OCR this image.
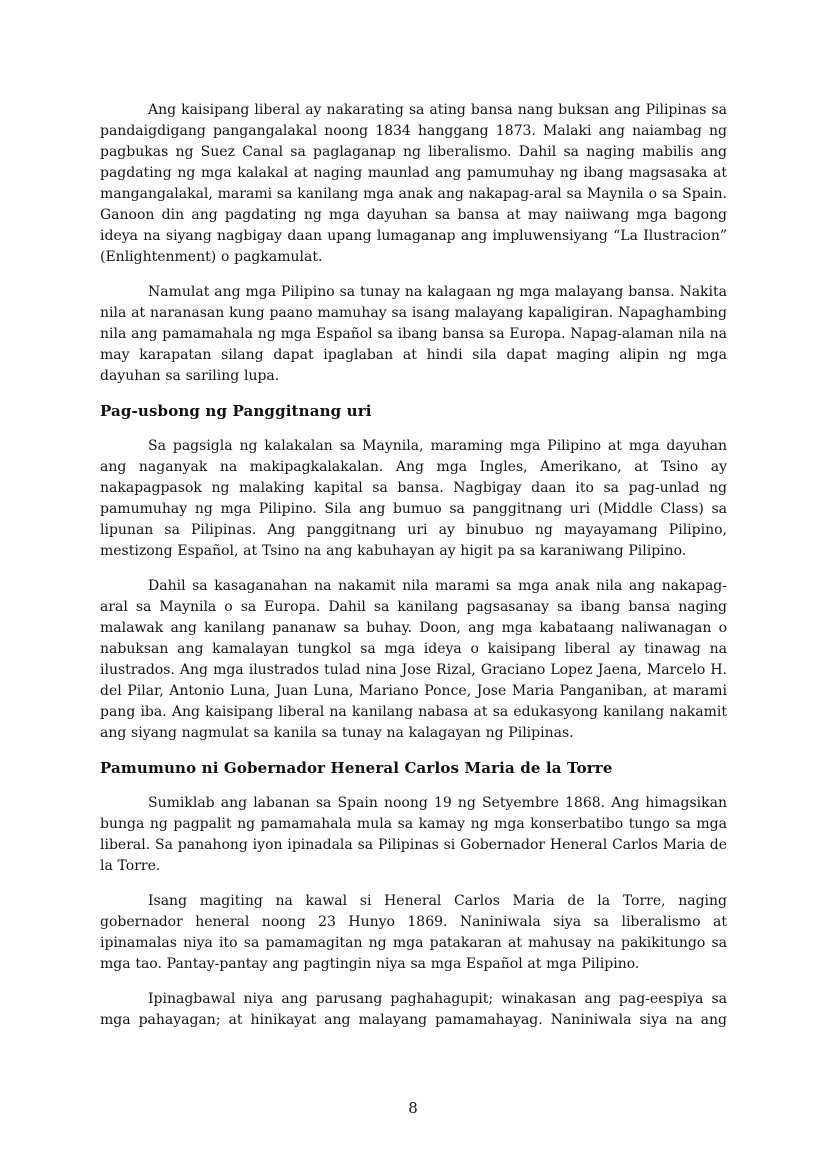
Ang kaisipang liberal ay nakarating sa ating bansa nang buksan ang Pilipinas sa pandaigdigang pangangalakal noong 1834 hanggang 1873. Malaki ang naiambag ng pagbukas ng Suez Canal sa paglaganap ng liberalismo. Dahil sa naging mabilis ang pagdating ng mga kalakal at naging maunlad ang pamumuhay ng ibang magsasaka at mangangalakal, marami sa kanilang mga anak ang nakapag-aral sa Maynila o sa Spain. Ganoon din ang pagdating ng mga dayuhan sa bansa at may naiiwang mga bagong ideya na siyang nagbigay daan upang lumaganap ang impluwensiyang “La Ilustracion” (Enlightenment) o pagkamulat.

Namulat ang mga Pilipino sa tunay na kalagaan ng mga malayang bansa. Nakita nila at naranasan kung paano mamuhay sa isang malayang kapaligiran. Napaghambing nila ang pamamahala ng mga Español sa ibang bansa sa Europa. Napag-alaman nila na may karapatan silang dapat ipaglaban at hindi sila dapat maging alipin ng mga dayuhan sa sariling lupa.

Pag-usbong ng Panggitnang uri

Sa pagsigla ng kalakalan sa Maynila, maraming mga Pilipino at mga dayuhan ang naganyak na makipagkalakalan. Ang mga Ingles, Amerikano, at Tsino ay nakapagpasok ng malaking kapital sa bansa. Nagbigay daan ito sa pag-unlad ng pamumuhay ng mga Pilipino. Sila ang bumuo sa panggitnang uri (Middle Class) sa lipunan sa Pilipinas. Ang panggitnang uri ay binubuo ng mayayamang Pilipino, mestizong Español, at Tsino na ang kabuhayan ay higit pa sa karaniwang Pilipino.

Dahil sa kasaganahan na nakamit nila marami sa mga anak nila ang nakapag-aral sa Maynila o sa Europa. Dahil sa kanilang pagsasanay sa ibang bansa naging malawak ang kanilang pananaw sa buhay. Doon, ang mga kabataang naliwanagan o nabuksan ang kamalayan tungkol sa mga ideya o kaisipang liberal ay tinawag na ilustrados. Ang mga ilustrados tulad nina Jose Rizal, Graciano Lopez Jaena, Marcelo H. del Pilar, Antonio Luna, Juan Luna, Mariano Ponce, Jose Maria Panganiban, at marami pang iba. Ang kaisipang liberal na kanilang nabasa at sa edukasyong kanilang nakamit ang siyang nagmulat sa kanila sa tunay na kalagayan ng Pilipinas.

Pamumuno ni Gobernador Heneral Carlos Maria de la Torre

Sumiklab ang labanan sa Spain noong 19 ng Setyembre 1868. Ang himagsikan bunga ng pagpalit ng pamamahala mula sa kamay ng mga konserbatibo tungo sa mga liberal. Sa panahong iyon ipinadala sa Pilipinas si Gobernador Heneral Carlos Maria de la Torre.

Isang magiting na kawal si Heneral Carlos Maria de la Torre, naging gobernador heneral noong 23 Hunyo 1869. Naniniwala siya sa liberalismo at ipinamalas niya ito sa pamamagitan ng mga patakaran at mahusay na pakikitungo sa mga tao. Pantay-pantay ang pagtingin niya sa mga Español at mga Pilipino.

Ipinagbawal niya ang parusang paghahagupit; winakasan ang pag-eespiya sa mga pahayagan; at hinikayat ang malayang pamamahayag. Naniniwala siya na ang

8
